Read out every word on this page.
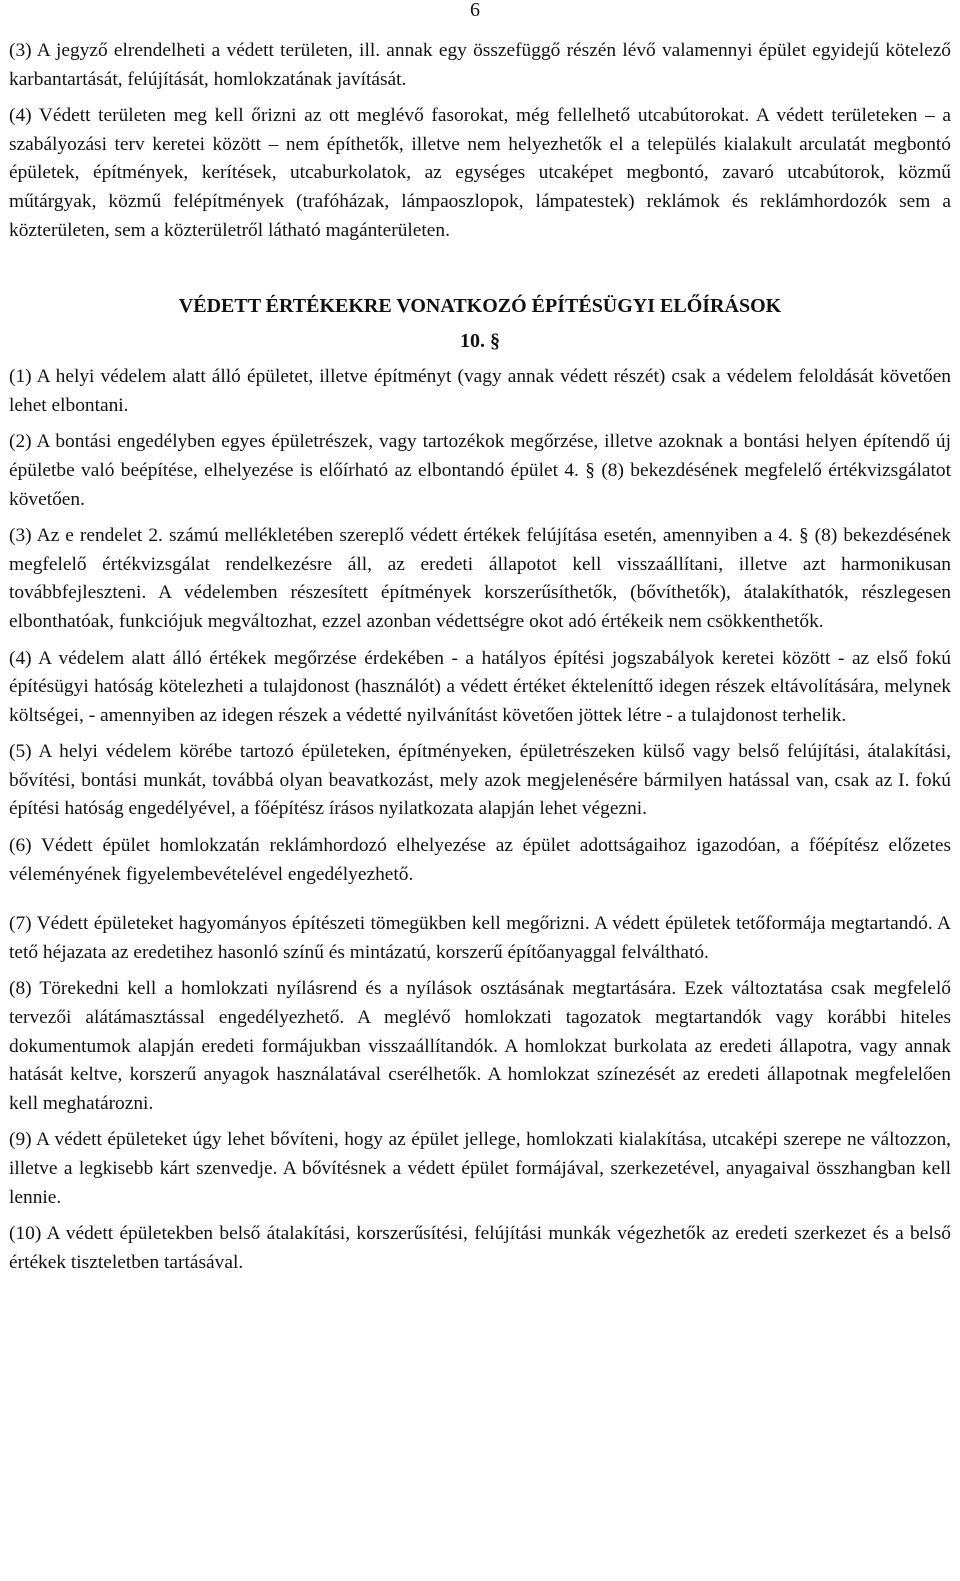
6

(3) A jegyző elrendelheti a védett területen, ill. annak egy összefüggő részén lévő valamennyi épület egyidejű kötelező karbantartását, felújítását, homlokzatának javítását.

(4) Védett területen meg kell őrizni az ott meglévő fasorokat, még fellelhető utcabútorokat. A védett területeken – a szabályozási terv keretei között – nem építhetők, illetve nem helyezhetők el a település kialakult arculatát megbontó épületek, építmények, kerítések, utcaburkolatok, az egységes utcaképet megbontó, zavaró utcabútorok, közmű műtárgyak, közmű felépítmények (trafóházak, lámpaoszlopok, lámpatestek) reklámok és reklámhordozók sem a közterületen, sem a közterületről látható magánterületen.

VÉDETT ÉRTÉKEKRE VONATKOZÓ ÉPÍTÉSÜGYI ELŐÍRÁSOK
10. §

(1) A helyi védelem alatt álló épületet, illetve építményt (vagy annak védett részét) csak a védelem feloldását követően lehet elbontani.

(2) A bontási engedélyben egyes épületrészek, vagy tartozékok megőrzése, illetve azoknak a bontási helyen építendő új épületbe való beépítése, elhelyezése is előírható az elbontandó épület 4. § (8) bekezdésének megfelelő értékvizsgálatot követően.

(3) Az e rendelet 2. számú mellékletében szereplő védett értékek felújítása esetén, amennyiben a 4. § (8) bekezdésének megfelelő értékvizsgálat rendelkezésre áll, az eredeti állapotot kell visszaállítani, illetve azt harmonikusan továbbfejleszteni. A védelemben részesített építmények korszerűsíthetők, (bővíthetők), átalakíthatók, részlegesen elbonthatóak, funkciójuk megváltozhat, ezzel azonban védettségre okot adó értékeik nem csökkenthetők.

(4) A védelem alatt álló értékek megőrzése érdekében - a hatályos építési jogszabályok keretei között - az első fokú építésügyi hatóság kötelezheti a tulajdonost (használót) a védett értéket ékteleníttő idegen részek eltávolítására, melynek költségei, - amennyiben az idegen részek a védetté nyilvánítást követően jöttek létre - a tulajdonost terhelik.

(5) A helyi védelem körébe tartozó épületeken, építményeken, épületrészeken külső vagy belső felújítási, átalakítási, bővítési, bontási munkát, továbbá olyan beavatkozást, mely azok megjelenésére bármilyen hatással van, csak az I. fokú építési hatóság engedélyével, a főépítész írásos nyilatkozata alapján lehet végezni.

(6) Védett épület homlokzatán reklámhordozó elhelyezése az épület adottságaihoz igazodóan, a főépítész előzetes véleményének figyelembevételével engedélyezhető.

(7) Védett épületeket hagyományos építészeti tömegükben kell megőrizni. A védett épületek tetőformája megtartandó. A tető héjazata az eredetihez hasonló színű és mintázatú, korszerű építőanyaggal felváltható.

(8) Törekedni kell a homlokzati nyílásrend és a nyílások osztásának megtartására. Ezek változtatása csak megfelelő tervezői alátámasztással engedélyezhető. A meglévő homlokzati tagozatok megtartandók vagy korábbi hiteles dokumentumok alapján eredeti formájukban visszaállítandók. A homlokzat burkolata az eredeti állapotra, vagy annak hatását keltve, korszerű anyagok használatával cserélhetők. A homlokzat színezését az eredeti állapotnak megfelelően kell meghatározni.

(9) A védett épületeket úgy lehet bővíteni, hogy az épület jellege, homlokzati kialakítása, utcaképi szerepe ne változzon, illetve a legkisebb kárt szenvedje. A bővítésnek a védett épület formájával, szerkezetével, anyagaival összhangban kell lennie.

(10) A védett épületekben belső átalakítási, korszerűsítési, felújítási munkák végezhetők az eredeti szerkezet és a belső értékek tiszteletben tartásával.
